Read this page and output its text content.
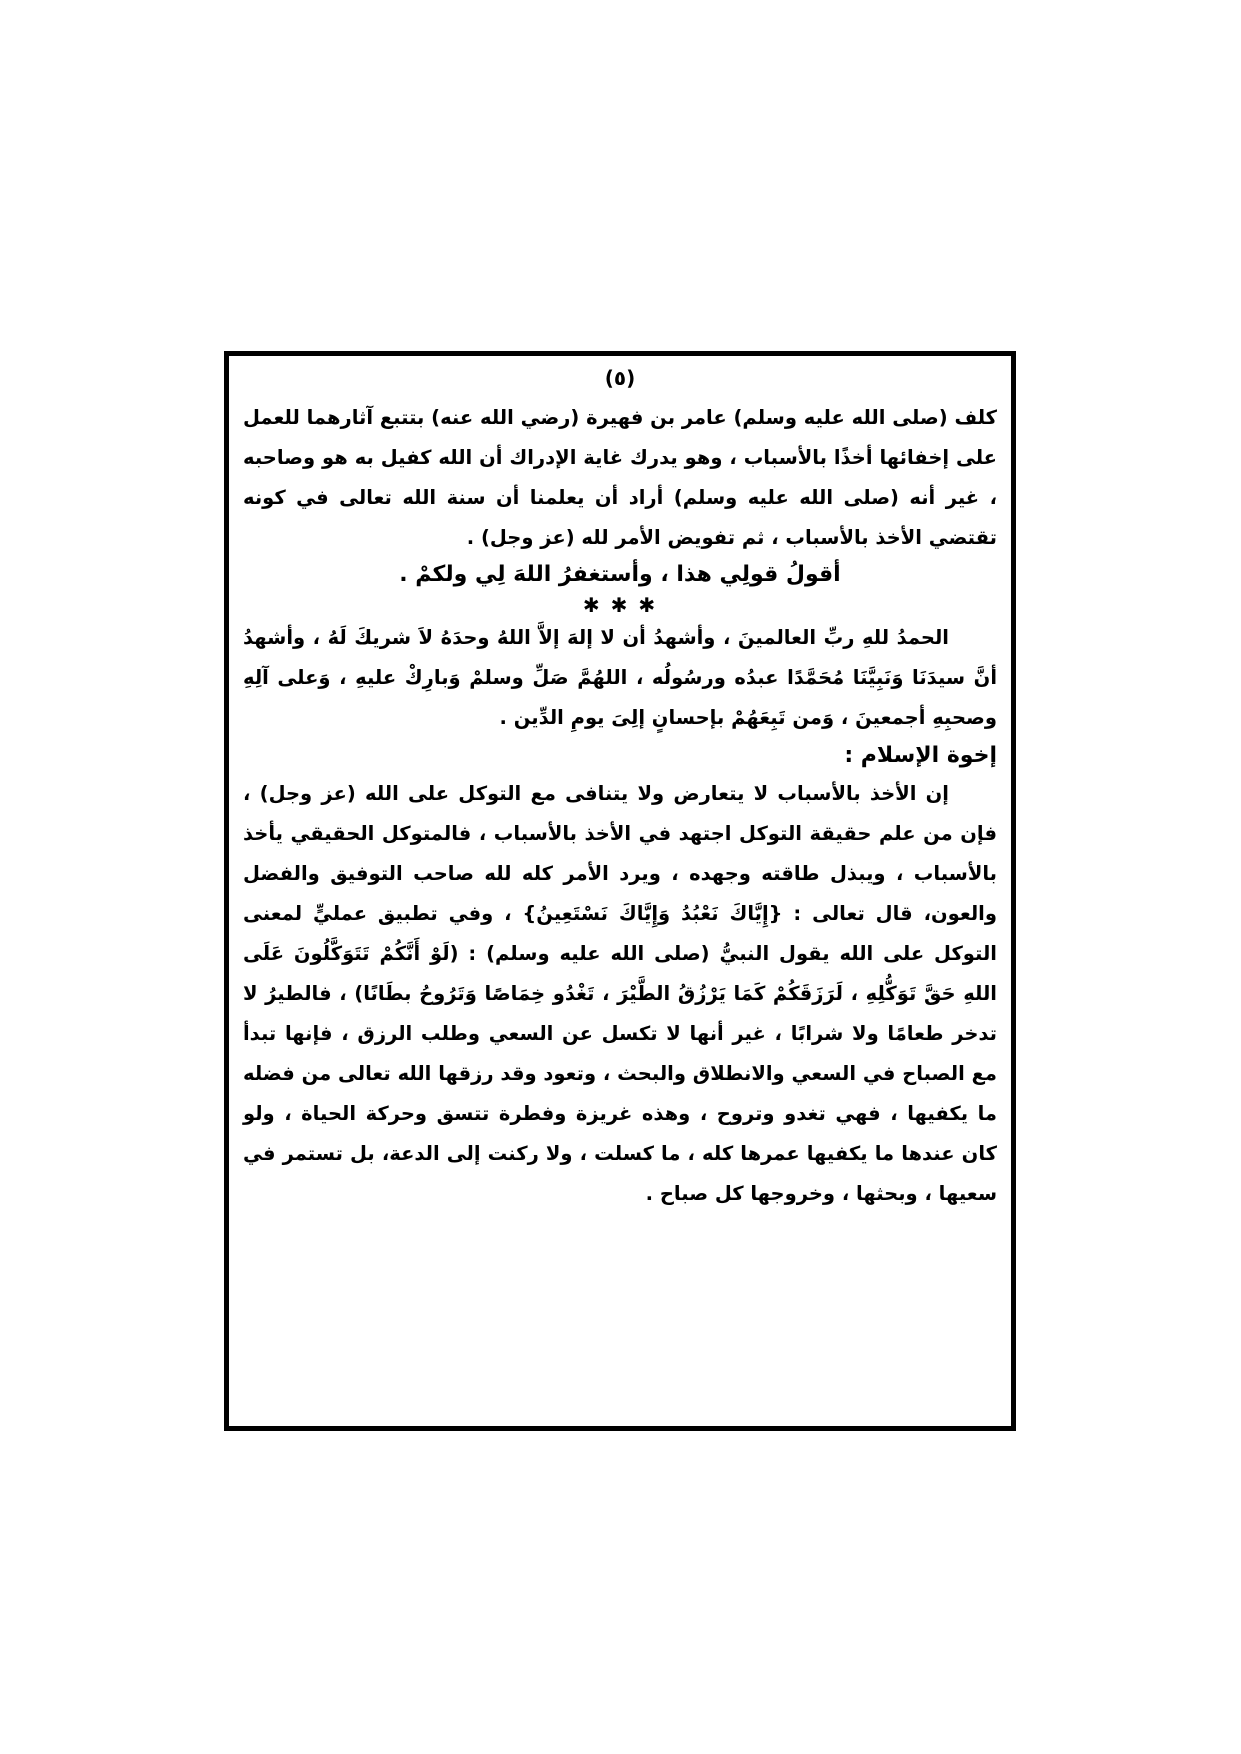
(٥)

كلف (صلى الله عليه وسلم) عامر بن فهيرة (رضي الله عنه) بتتبع آثارهما للعمل على إخفائها أخذًا بالأسباب ، وهو يدرك غاية الإدراك أن الله كفيل به هو وصاحبه ، غير أنه (صلى الله عليه وسلم) أراد أن يعلمنا أن سنة الله تعالى في كونه تقتضي الأخذ بالأسباب ، ثم تفويض الأمر لله (عز وجل) .

أقولُ قولِي هذا ، وأستغفرُ اللهَ لِي ولكمْ .
✱ ✱ ✱

الحمدُ للهِ ربِّ العالمينَ ، وأشهدُ أن لا إلهَ إلاَّ اللهُ وحدَهُ لاَ شريكَ لَهُ ، وأشهدُ أنَّ سيدَنَا وَنَبِيَّنَا مُحَمَّدًا عبدُه ورسُولُه ، اللهُمَّ صَلِّ وسلمْ وَبارِكْ عليهِ ، وَعلى آلِهِ وصحبِهِ أجمعينَ ، وَمن تَبِعَهُمْ بإحسانٍ إلِىَ يومِ الدِّين .

إخوة الإسلام :

إن الأخذ بالأسباب لا يتعارض ولا يتنافى مع التوكل على الله (عز وجل) ، فإن من علم حقيقة التوكل اجتهد في الأخذ بالأسباب ، فالمتوكل الحقيقي يأخذ بالأسباب ، ويبذل طاقته وجهده ، ويرد الأمر كله لله صاحب التوفيق والفضل والعون، قال تعالى : {إِيَّاكَ نَعْبُدُ وَإِيَّاكَ نَسْتَعِينُ} ، وفي تطبيق عمليٍّ لمعنى التوكل على الله يقول النبيُّ (صلى الله عليه وسلم) : (لَوْ أَنَّكُمْ تَتَوَكَّلُونَ عَلَى اللهِ حَقَّ تَوَكُّلِهِ ، لَرَزَقَكُمْ كَمَا يَرْزُقُ الطَّيْرَ ، تَغْدُو خِمَاصًا وَتَرُوحُ بطَانًا) ، فالطيرُ لا تدخر طعامًا ولا شرابًا ، غير أنها لا تكسل عن السعي وطلب الرزق ، فإنها تبدأ مع الصباح في السعي والانطلاق والبحث ، وتعود وقد رزقها الله تعالى من فضله ما يكفيها ، فهي تغدو وتروح ، وهذه غريزة وفطرة تتسق وحركة الحياة ، ولو كان عندها ما يكفيها عمرها كله ، ما كسلت ، ولا ركنت إلى الدعة، بل تستمر في سعيها ، وبحثها ، وخروجها كل صباح .
